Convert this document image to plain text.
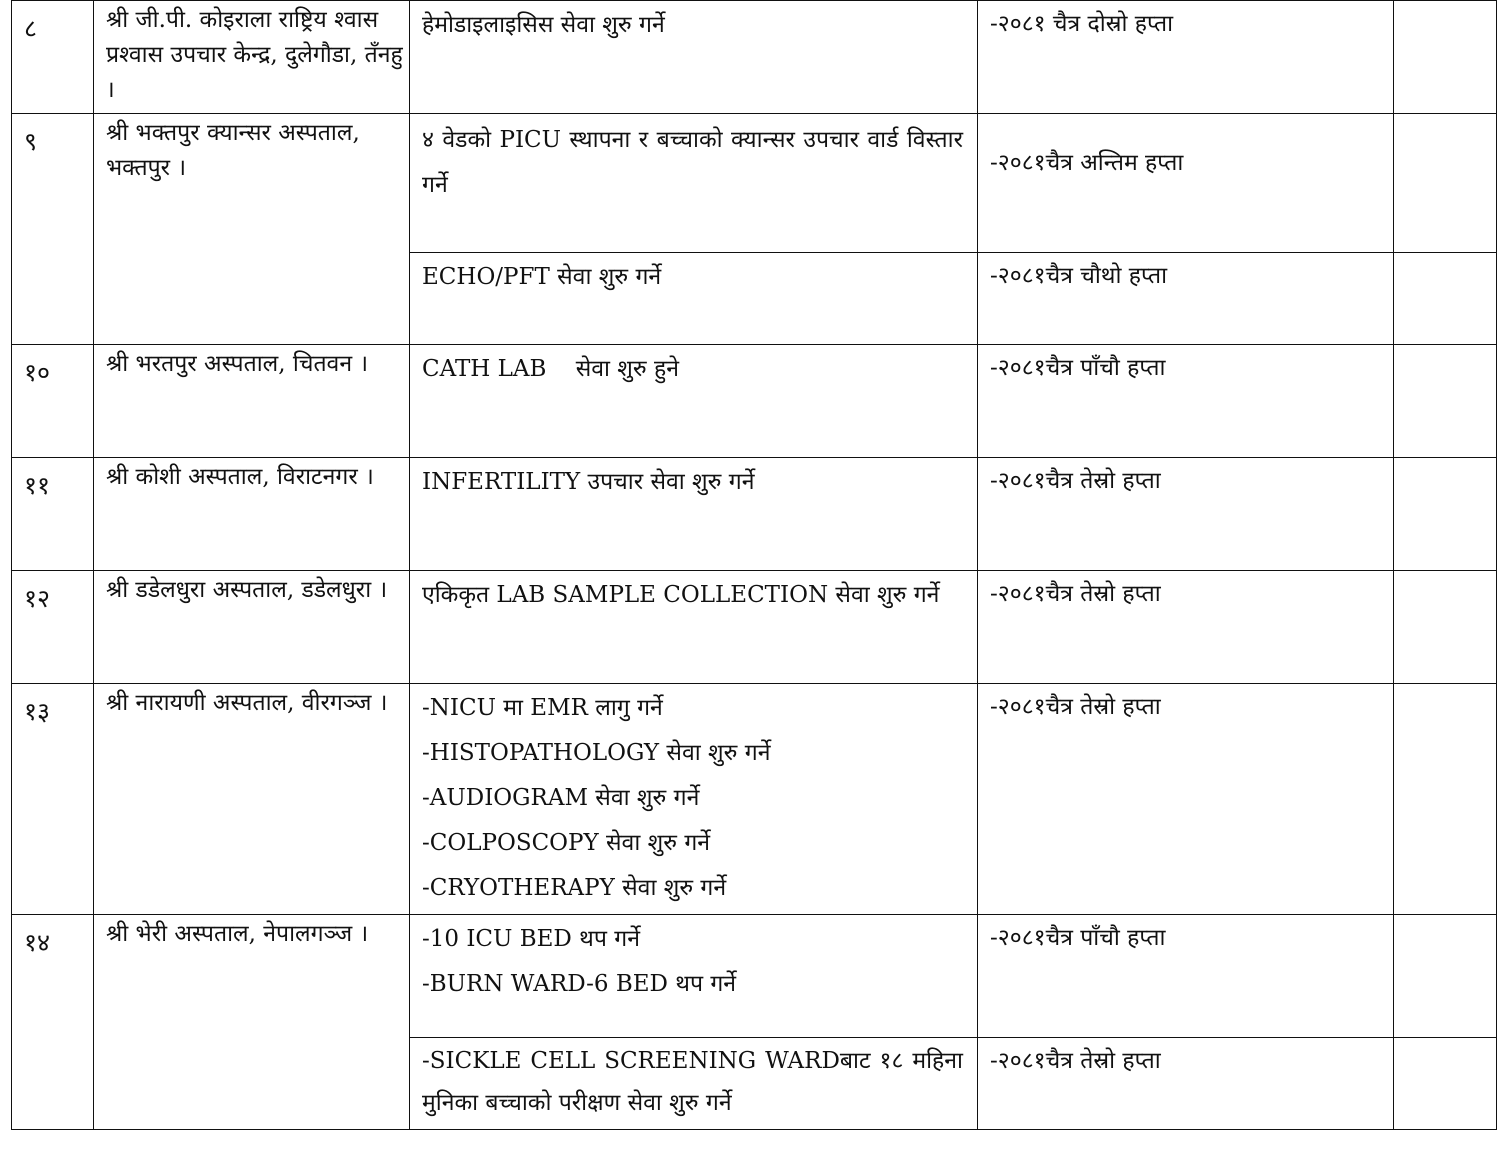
८	श्री जी.पी. कोइराला राष्ट्रिय श्वास प्रश्वास उपचार केन्द्र, दुलेगौडा, तँनहु ।	हेमोडाइलाइसिस सेवा शुरु गर्ने	-२०८१ चैत्र दोस्रो हप्ता	
९	श्री भक्तपुर क्यान्सर अस्पताल, भक्तपुर ।	४ वेडको PICU स्थापना र बच्चाको क्यान्सर उपचार वार्ड विस्तार गर्ने	-२०८१चैत्र अन्तिम हप्ता	

		ECHO/PFT सेवा शुरु गर्ने	-२०८१चैत्र चौथो हप्ता	
१०	श्री भरतपुर अस्पताल, चितवन ।	CATH LAB    सेवा शुरु हुने	-२०८१चैत्र पाँचौ हप्ता	
११	श्री कोशी अस्पताल, विराटनगर ।	INFERTILITY उपचार सेवा शुरु गर्ने	-२०८१चैत्र तेस्रो हप्ता	
१२	श्री डडेलधुरा अस्पताल, डडेलधुरा ।	एकिकृत LAB SAMPLE COLLECTION सेवा शुरु गर्ने	-२०८१चैत्र तेस्रो हप्ता	
१३	श्री नारायणी अस्पताल, वीरगञ्ज ।	-NICU मा EMR लागु गर्ने
-HISTOPATHOLOGY सेवा शुरु गर्ने
-AUDIOGRAM सेवा शुरु गर्ने
-COLPOSCOPY सेवा शुरु गर्ने
-CRYOTHERAPY सेवा शुरु गर्ने	-२०८१चैत्र तेस्रो हप्ता	
१४	श्री भेरी अस्पताल, नेपालगञ्ज ।	-10 ICU BED थप गर्ने
-BURN WARD-6 BED थप गर्ने	-२०८१चैत्र पाँचौ हप्ता	

		-SICKLE CELL SCREENING WARDबाट १८ महिना मुनिका बच्चाको परीक्षण सेवा शुरु गर्ने	-२०८१चैत्र तेस्रो हप्ता	
